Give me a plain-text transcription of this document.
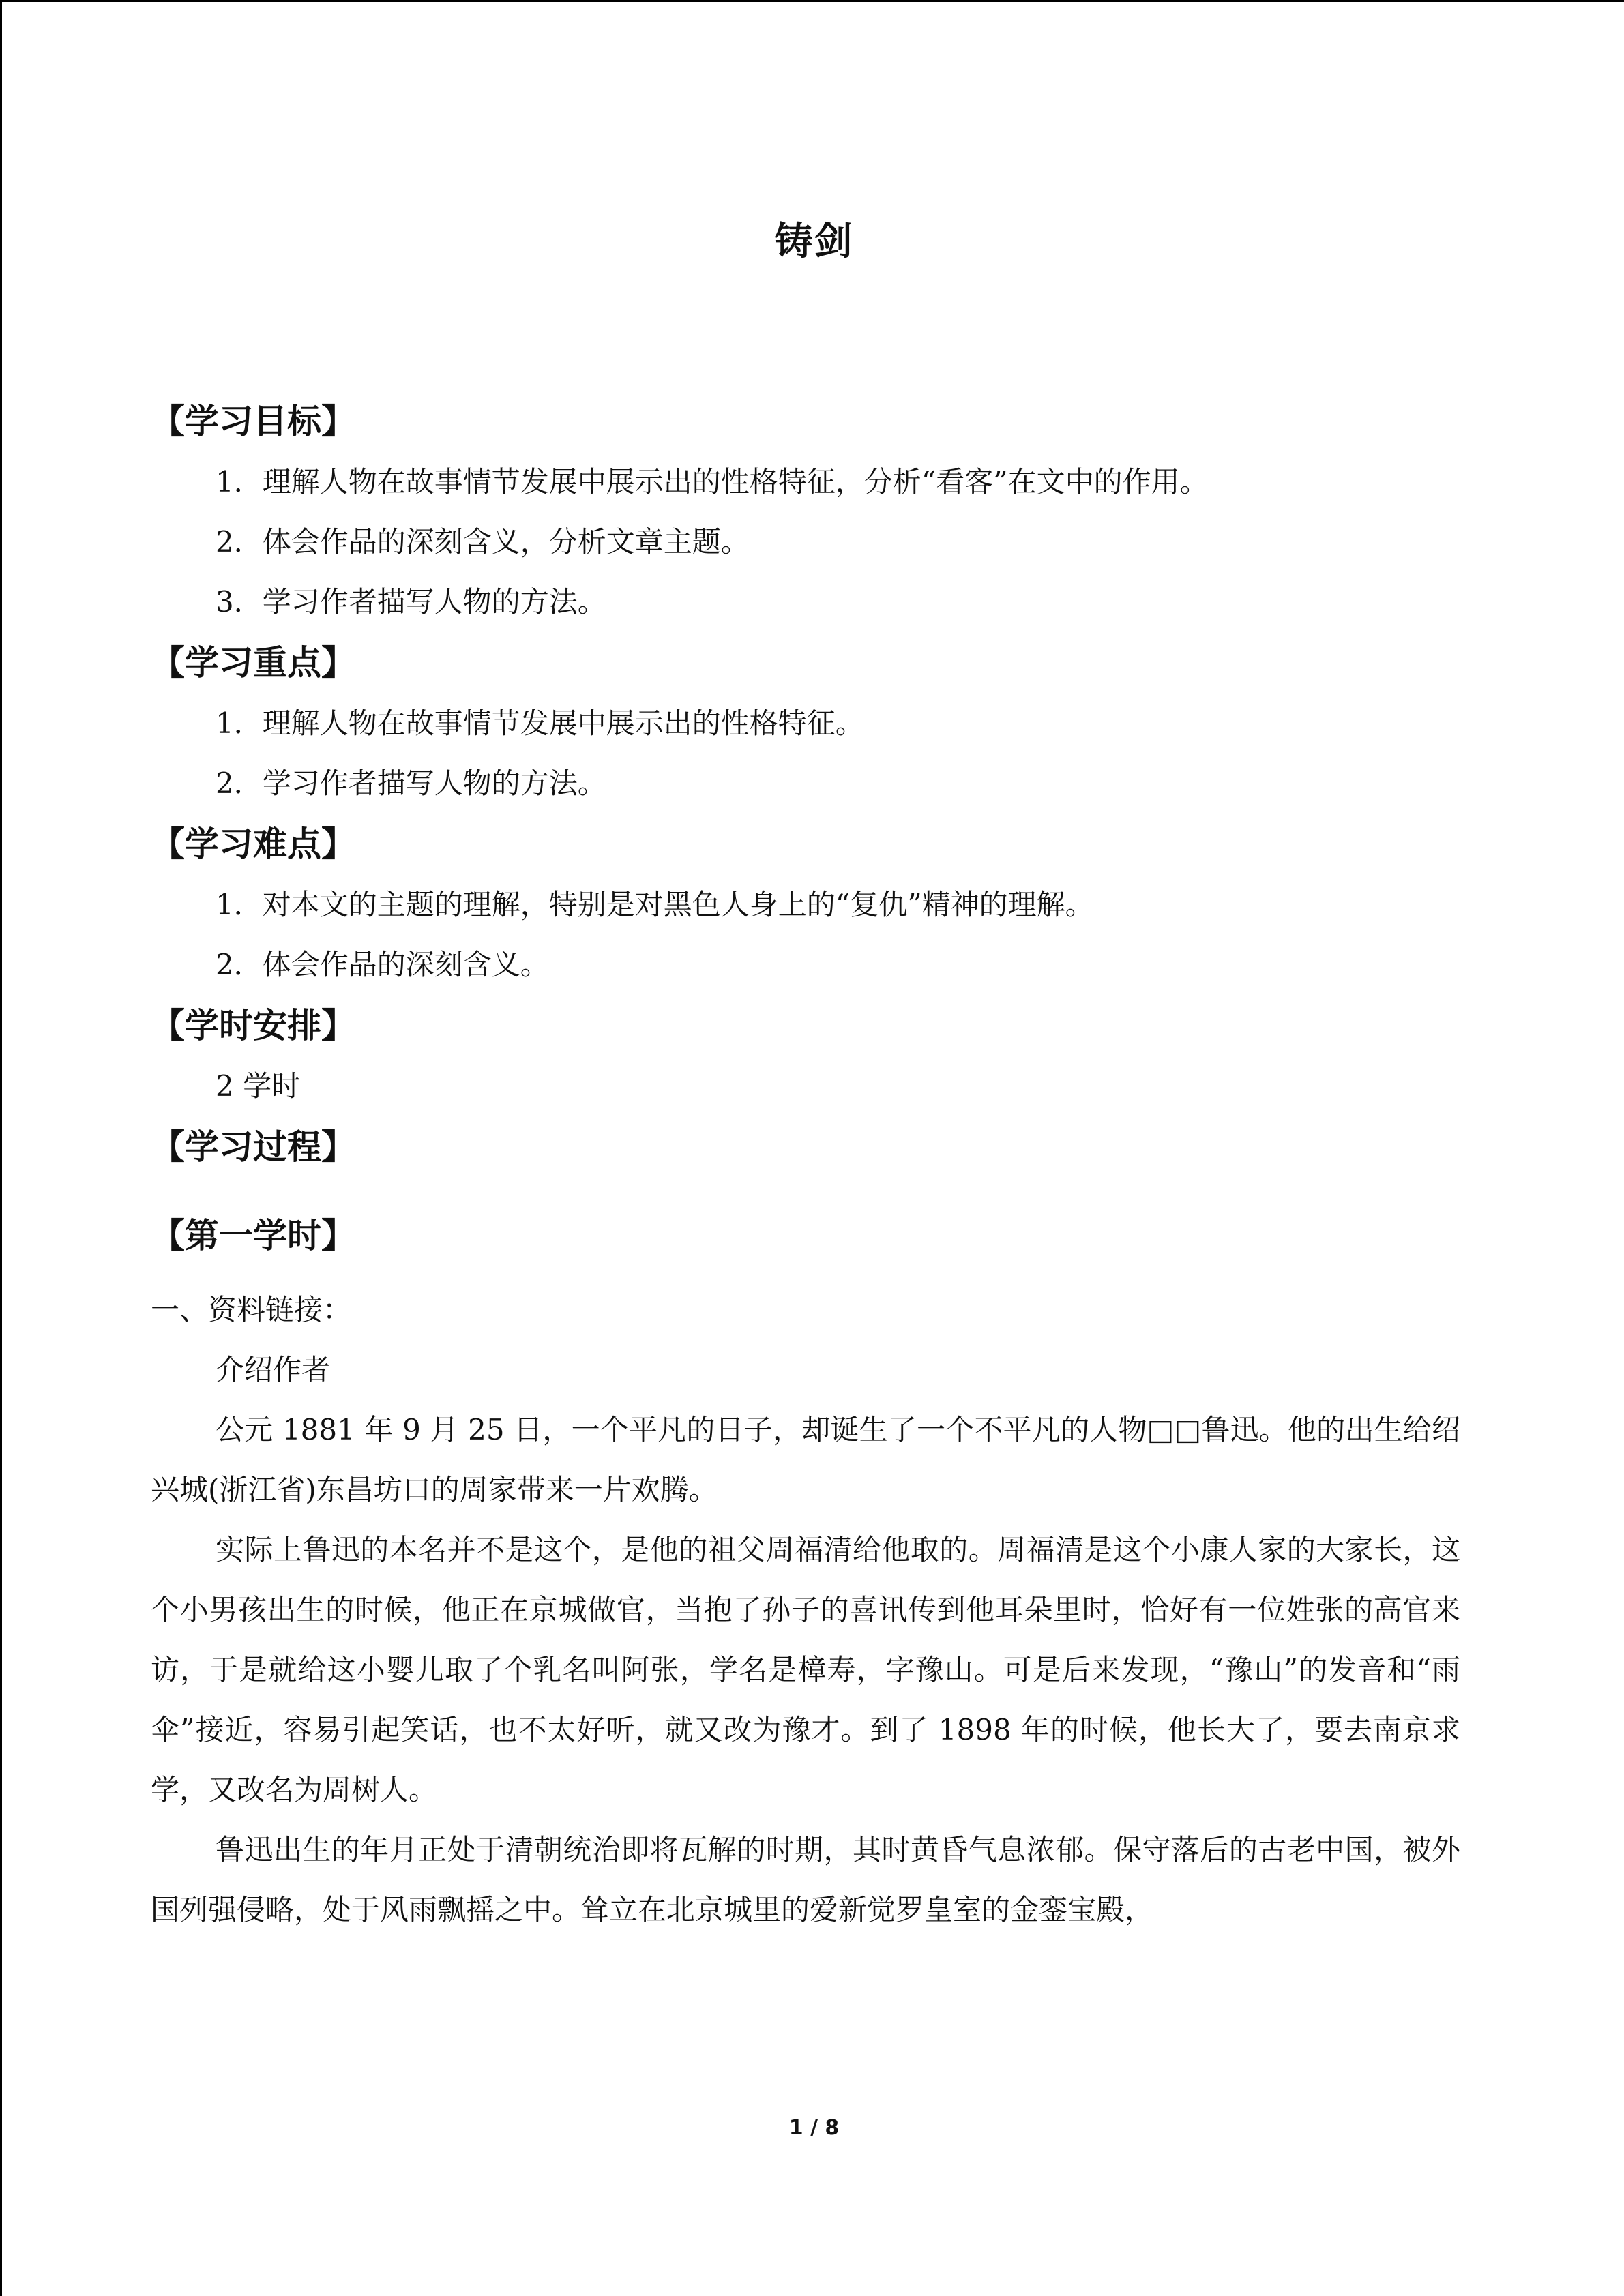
铸剑
【学习目标】
1．理解人物在故事情节发展中展示出的性格特征，分析“看客”在文中的作用。
2．体会作品的深刻含义，分析文章主题。
3．学习作者描写人物的方法。
【学习重点】
1．理解人物在故事情节发展中展示出的性格特征。
2．学习作者描写人物的方法。
【学习难点】
1．对本文的主题的理解，特别是对黑色人身上的“复仇”精神的理解。
2．体会作品的深刻含义。
【学时安排】
2 学时
【学习过程】
【第一学时】
一、资料链接：
介绍作者

公元 1881 年 9 月 25 日，一个平凡的日子，却诞生了一个不平凡的人物□□鲁迅。他的出生给绍兴城(浙江省)东昌坊口的周家带来一片欢腾。

实际上鲁迅的本名并不是这个，是他的祖父周福清给他取的。周福清是这个小康人家的大家长，这个小男孩出生的时候，他正在京城做官，当抱了孙子的喜讯传到他耳朵里时，恰好有一位姓张的高官来访，于是就给这小婴儿取了个乳名叫阿张，学名是樟寿，字豫山。可是后来发现，“豫山”的发音和“雨伞”接近，容易引起笑话，也不太好听，就又改为豫才。到了 1898 年的时候，他长大了，要去南京求学，又改名为周树人。

鲁迅出生的年月正处于清朝统治即将瓦解的时期，其时黄昏气息浓郁。保守落后的古老中国，被外国列强侵略，处于风雨飘摇之中。耸立在北京城里的爱新觉罗皇室的金銮宝殿，

1 / 8
